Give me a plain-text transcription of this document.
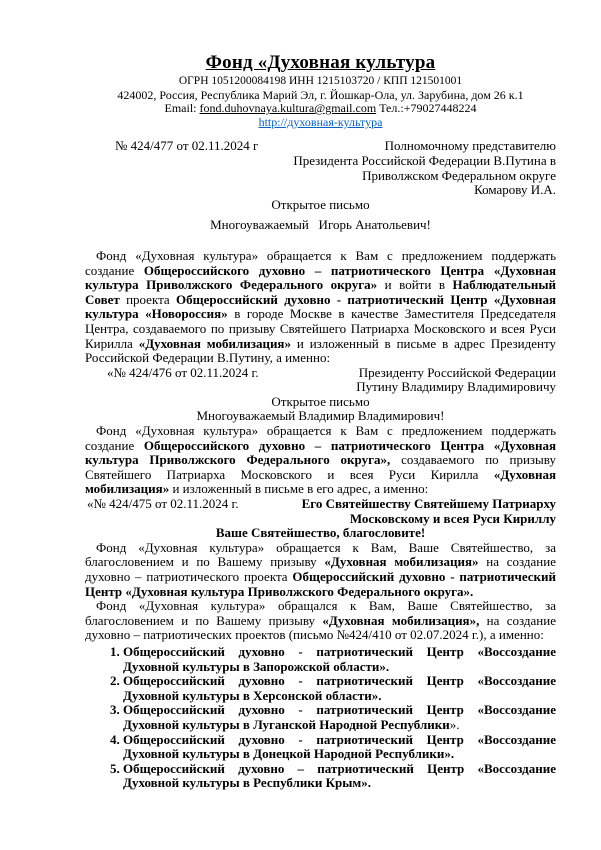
Фонд «Духовная культура
ОГРН 1051200084198 ИНН 1215103720 / КПП 121501001
424002, Россия, Республика Марий Эл, г. Йошкар-Ола, ул. Зарубина, дом 26 к.1
Email: fond.duhovnaya.kultura@gmail.com Тел.:+79027448224
http://духовная-культура
№ 424/477 от 02.11.2024 г	Полномочному представителю
Президента Российской Федерации В.Путина в
Приволжском Федеральном округе
Комарову И.А.
Открытое письмо
Многоуважаемый   Игорь Анатольевич!

Фонд «Духовная культура» обращается к Вам с предложением поддержать создание Общероссийского духовно – патриотического Центра «Духовная культура Приволжского Федерального округа» и войти в Наблюдательный Совет проекта Общероссийский духовно - патриотический Центр «Духовная культура «Новороссия» в городе Москве в качестве Заместителя Председателя Центра, создаваемого по призыву Святейшего Патриарха Московского и всея Руси Кирилла «Духовная мобилизация» и изложенный в письме в адрес Президенту Российской Федерации В.Путину, а именно:

«№ 424/476 от 02.11.2024 г.	Президенту Российской Федерации
Путину Владимиру Владимировичу
Открытое письмо
Многоуважаемый Владимир Владимирович!

Фонд «Духовная культура» обращается к Вам с предложением поддержать создание Общероссийского духовно – патриотического Центра «Духовная культура Приволжского Федерального округа», создаваемого по призыву Святейшего Патриарха Московского и всея Руси Кирилла «Духовная мобилизация» и изложенный в письме в его адрес, а именно:

«№ 424/475 от 02.11.2024 г.	Его Святейшеству Святейшему Патриарху
Московскому и всея Руси Кириллу
Ваше Святейшество, благословите!

Фонд «Духовная культура» обращается к Вам, Ваше Святейшество, за благословением и по Вашему призыву «Духовная мобилизация» на создание духовно – патриотического проекта Общероссийский духовно - патриотический Центр «Духовная культура Приволжского Федерального округа».

Фонд «Духовная культура» обращался к Вам, Ваше Святейшество, за благословением и по Вашему призыву «Духовная мобилизация», на создание духовно – патриотических проектов (письмо №424/410 от 02.07.2024 г.), а именно:

1. Общероссийский духовно - патриотический Центр «Воссоздание Духовной культуры в Запорожской области».
2. Общероссийский духовно - патриотический Центр «Воссоздание Духовной культуры в Херсонской области».
3. Общероссийский духовно - патриотический Центр «Воссоздание Духовной культуры в Луганской Народной Республики».
4. Общероссийский духовно - патриотический Центр «Воссоздание Духовной культуры в Донецкой Народной Республики».
5. Общероссийский духовно – патриотический Центр «Воссоздание Духовной культуры в Республики Крым».
